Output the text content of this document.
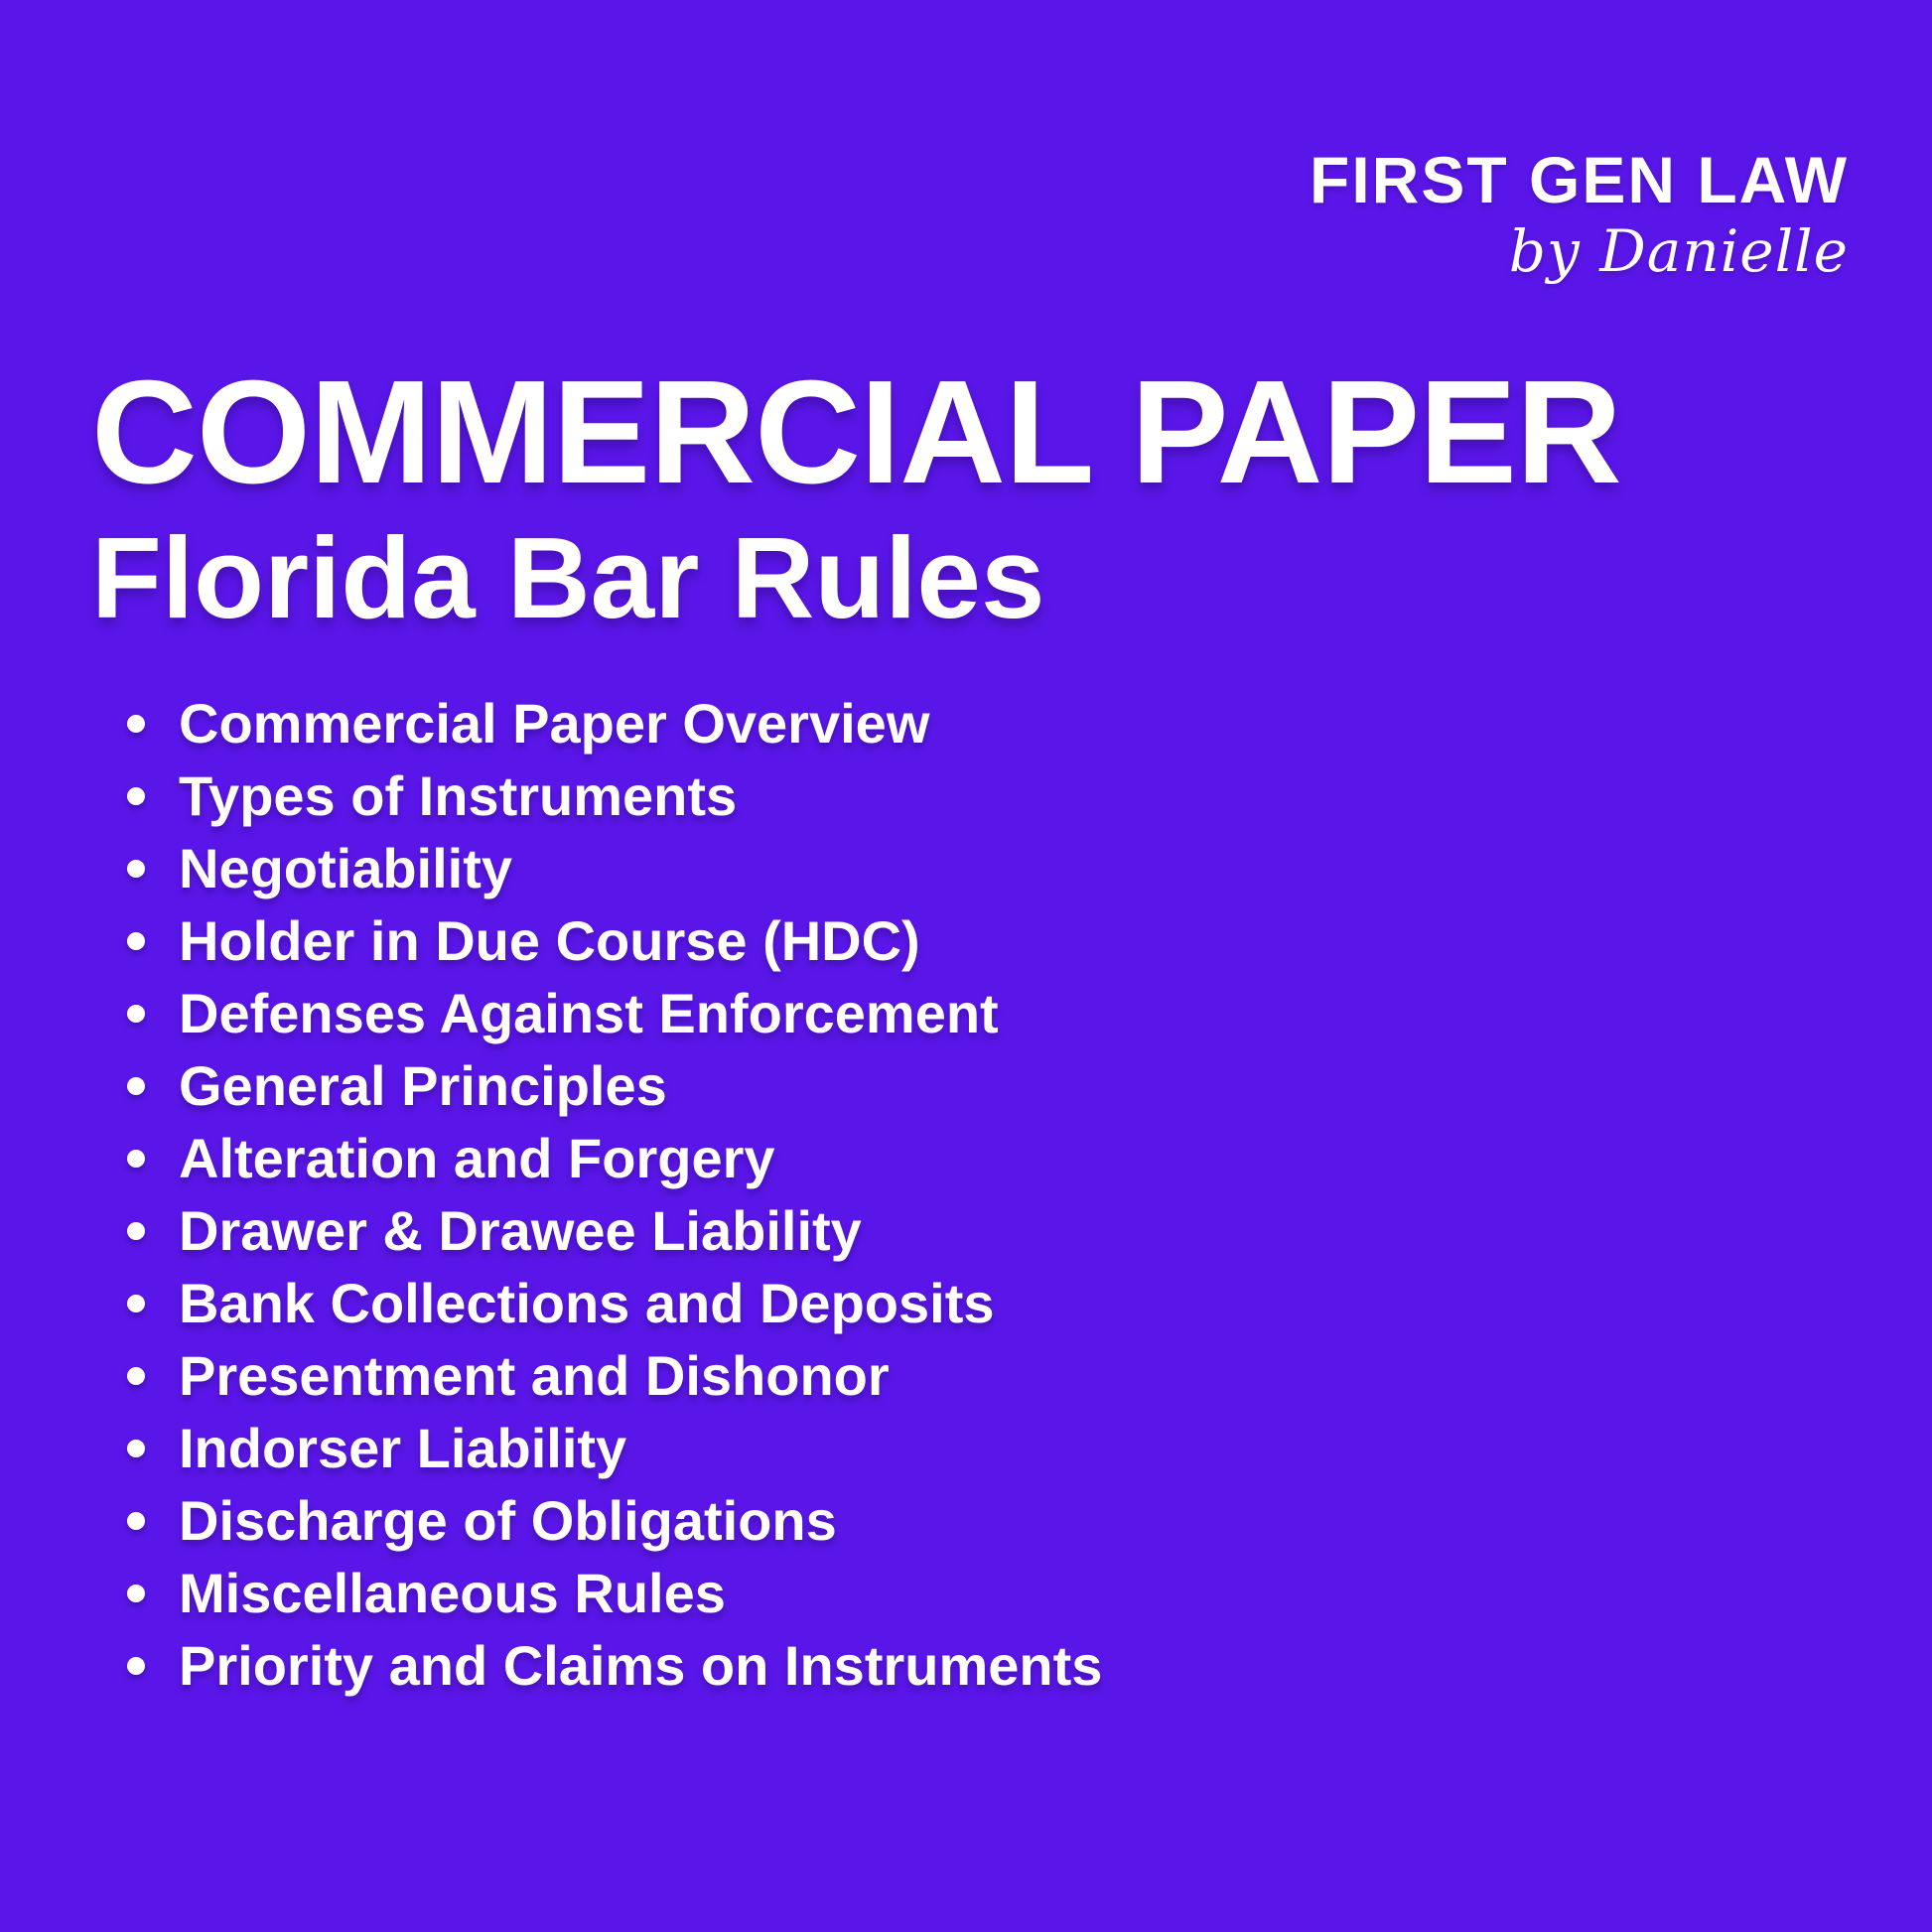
FIRST GEN LAW
by Danielle
COMMERCIAL PAPER
Florida Bar Rules
Commercial Paper Overview
Types of Instruments
Negotiability
Holder in Due Course (HDC)
Defenses Against Enforcement
General Principles
Alteration and Forgery
Drawer & Drawee Liability
Bank Collections and Deposits
Presentment and Dishonor
Indorser Liability
Discharge of Obligations
Miscellaneous Rules
Priority and Claims on Instruments
